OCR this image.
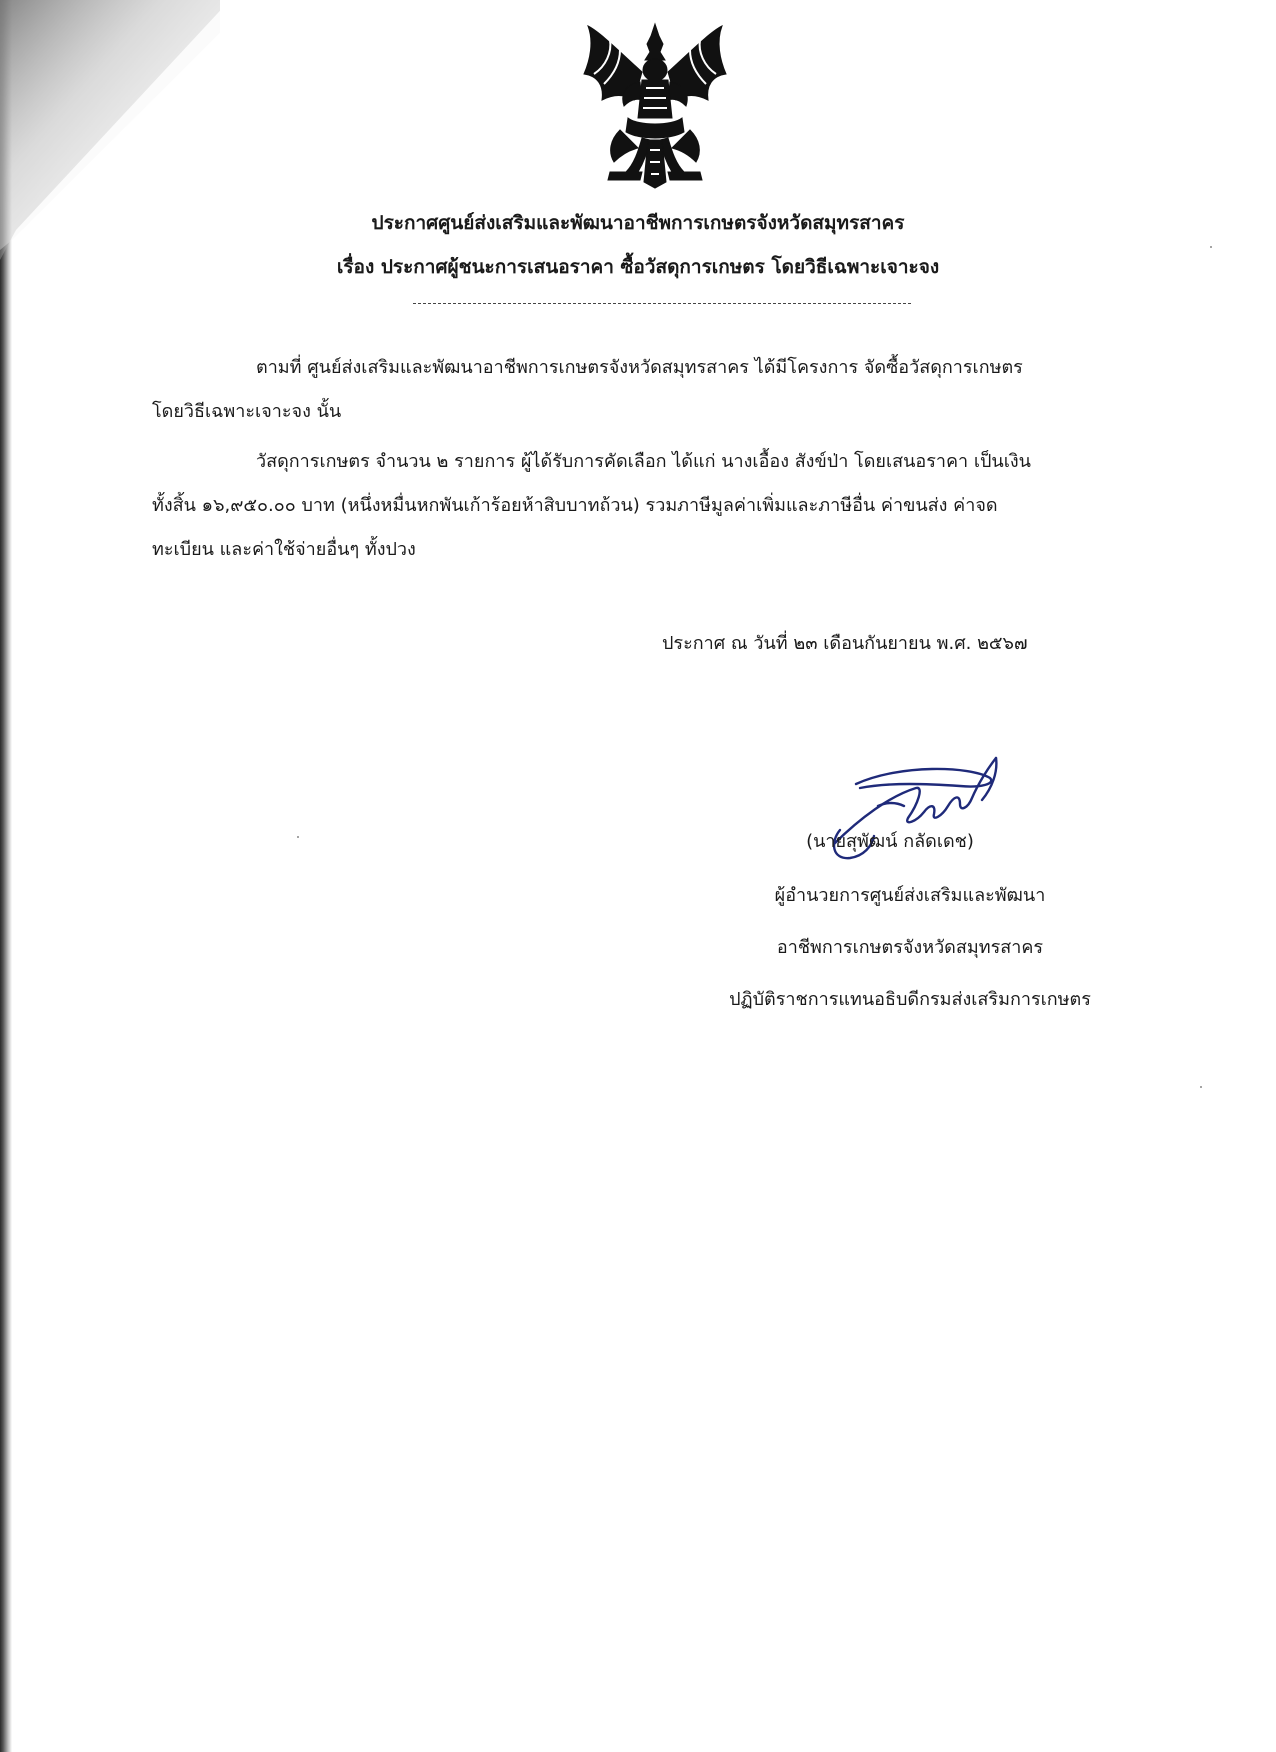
ประกาศศูนย์ส่งเสริมและพัฒนาอาชีพการเกษตรจังหวัดสมุทรสาคร
เรื่อง ประกาศผู้ชนะการเสนอราคา ซื้อวัสดุการเกษตร โดยวิธีเฉพาะเจาะจง
ตามที่ ศูนย์ส่งเสริมและพัฒนาอาชีพการเกษตรจังหวัดสมุทรสาคร ได้มีโครงการ จัดซื้อวัสดุการเกษตร
โดยวิธีเฉพาะเจาะจง นั้น
วัสดุการเกษตร จำนวน ๒ รายการ ผู้ได้รับการคัดเลือก ได้แก่ นางเอื้อง สังข์ป่า โดยเสนอราคา เป็นเงิน
ทั้งสิ้น ๑๖,๙๕๐.๐๐ บาท (หนึ่งหมื่นหกพันเก้าร้อยห้าสิบบาทถ้วน) รวมภาษีมูลค่าเพิ่มและภาษีอื่น ค่าขนส่ง ค่าจด
ทะเบียน และค่าใช้จ่ายอื่นๆ ทั้งปวง
ประกาศ ณ วันที่ ๒๓ เดือนกันยายน พ.ศ. ๒๕๖๗
(นายสุพัฒน์ กลัดเดช)
ผู้อำนวยการศูนย์ส่งเสริมและพัฒนา
อาชีพการเกษตรจังหวัดสมุทรสาคร
ปฏิบัติราชการแทนอธิบดีกรมส่งเสริมการเกษตร
